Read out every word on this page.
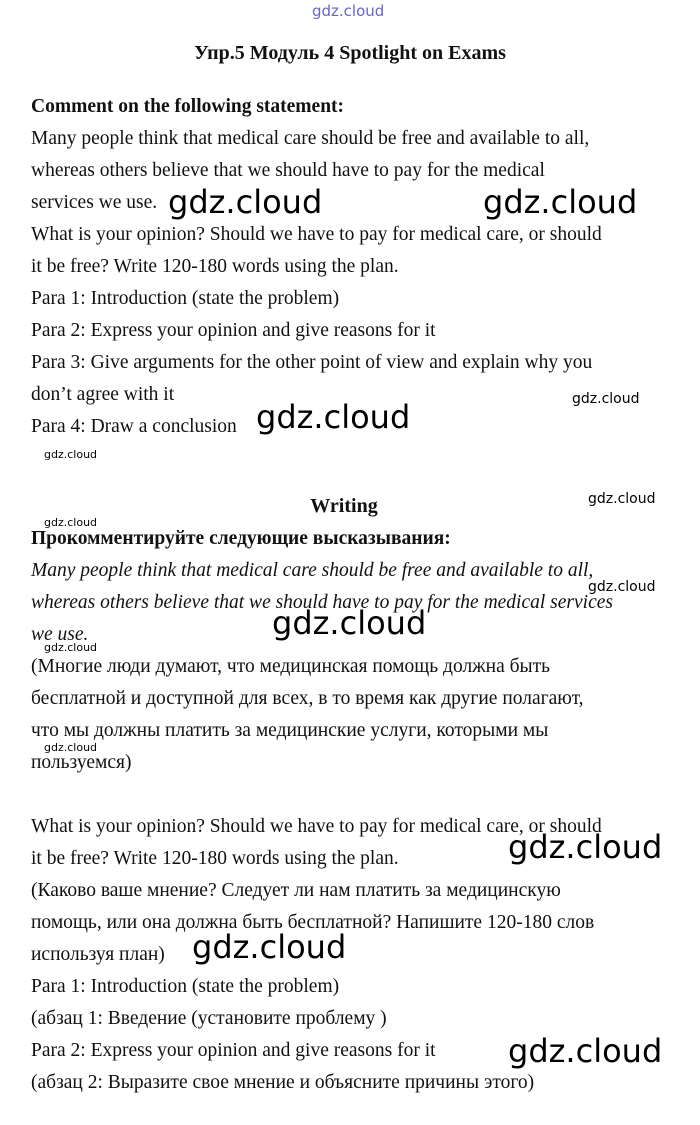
gdz.cloud
Упр.5 Модуль 4 Spotlight on Exams
Comment on the following statement:
Many people think that medical care should be free and available to all,
whereas others believe that we should have to pay for the medical
services we use.
What is your opinion? Should we have to pay for medical care, or should
it be free? Write 120-180 words using the plan.
Para 1: Introduction (state the problem)
Para 2: Express your opinion and give reasons for it
Para 3: Give arguments for the other point of view and explain why you
don’t agree with it
Para 4: Draw a conclusion
Writing
Прокомментируйте следующие высказывания:
Many people think that medical care should be free and available to all,
whereas others believe that we should have to pay for the medical services
we use.
(Многие люди думают, что медицинская помощь должна быть
бесплатной и доступной для всех, в то время как другие полагают,
что мы должны платить за медицинские услуги, которыми мы
пользуемся)
What is your opinion? Should we have to pay for medical care, or should
it be free? Write 120-180 words using the plan.
(Каково ваше мнение? Следует ли нам платить за медицинскую
помощь, или она должна быть бесплатной? Напишите 120-180 слов
используя план)
Para 1: Introduction (state the problem)
(абзац 1: Введение (установите проблему )
Para 2: Express your opinion and give reasons for it
(абзац 2: Выразите свое мнение и объясните причины этого)
gdz.cloud	gdz.cloud
gdz.cloud
gdz.cloud
gdz.cloud
gdz.cloud
gdz.cloud
gdz.cloud
gdz.cloud
gdz.cloud
gdz.cloud
gdz.cloud
gdz.cloud
gdz.cloud
